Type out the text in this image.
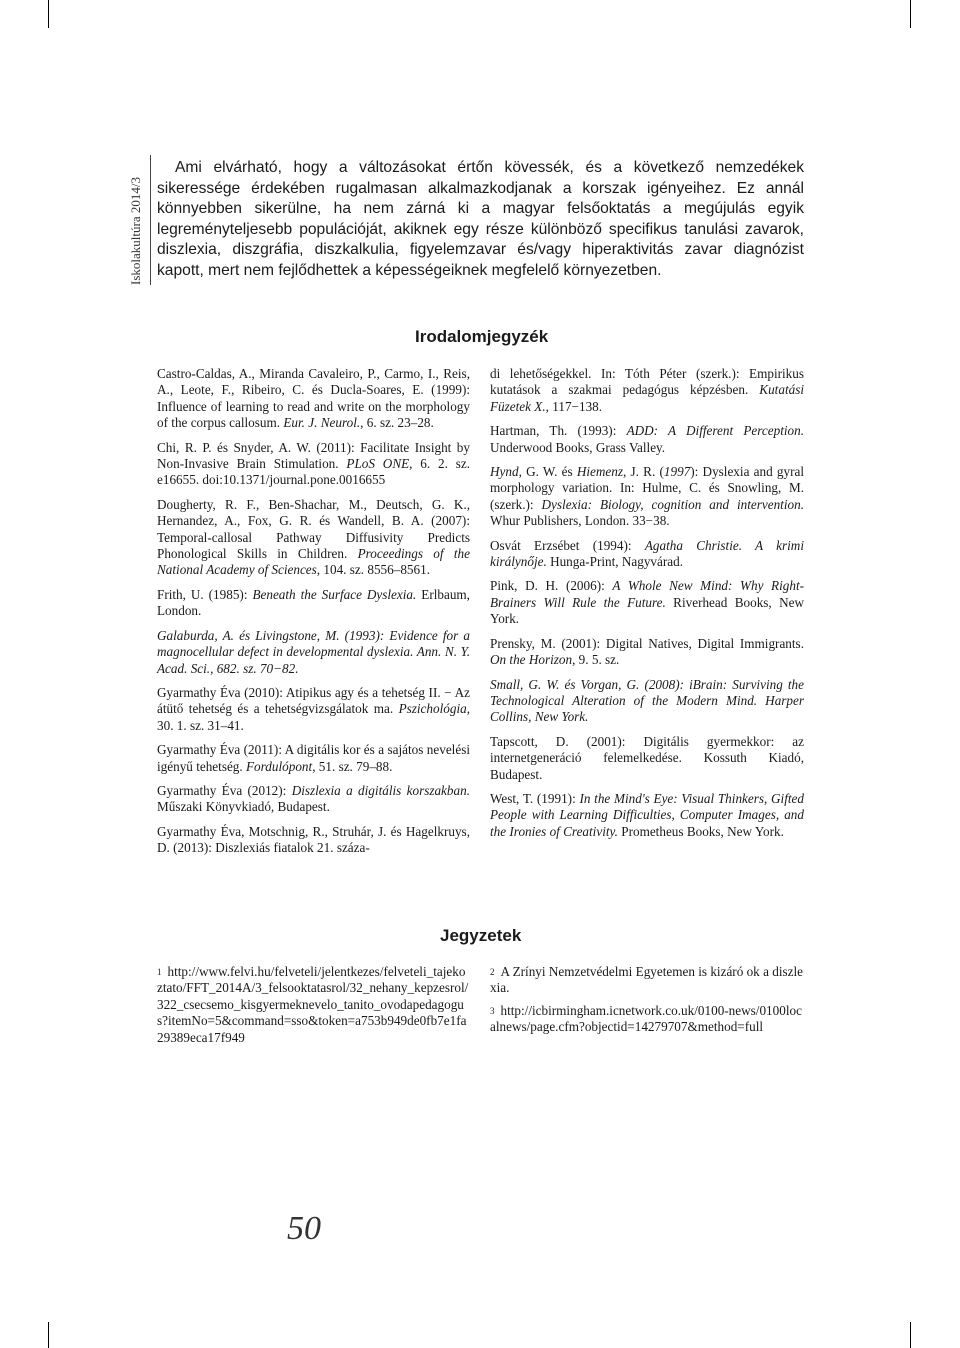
Iskolakultúra 2014/3

Ami elvárható, hogy a változásokat értőn kövessék, és a következő nemzedékek sikeressége érdekében rugalmasan alkalmazkodjanak a korszak igényeihez. Ez annál könnyebben sikerülne, ha nem zárná ki a magyar felsőoktatás a megújulás egyik legreményteljesebb populációját, akiknek egy része különböző specifikus tanulási zavarok, diszlexia, diszgráfia, diszkalkulia, figyelemzavar és/vagy hiperaktivitás zavar diagnózist kapott, mert nem fejlődhettek a képességeiknek megfelelő környezetben.

Irodalomjegyzék

Castro-Caldas, A., Miranda Cavaleiro, P., Carmo, I., Reis, A., Leote, F., Ribeiro, C. és Ducla-Soares, E. (1999): Influence of learning to read and write on the morphology of the corpus callosum. Eur. J. Neurol., 6. sz. 23–28.

Chi, R. P. és Snyder, A. W. (2011): Facilitate Insight by Non-Invasive Brain Stimulation. PLoS ONE, 6. 2. sz. e16655. doi:10.1371/journal.pone.0016655

Dougherty, R. F., Ben-Shachar, M., Deutsch, G. K., Hernandez, A., Fox, G. R. és Wandell, B. A. (2007): Temporal-callosal Pathway Diffusivity Predicts Phonological Skills in Children. Proceedings of the National Academy of Sciences, 104. sz. 8556–8561.

Frith, U. (1985): Beneath the Surface Dyslexia. Erlbaum, London.

Galaburda, A. és Livingstone, M. (1993): Evidence for a magnocellular defect in developmental dyslexia. Ann. N. Y. Acad. Sci., 682. sz. 70−82.

Gyarmathy Éva (2010): Atipikus agy és a tehetség II. − Az átütő tehetség és a tehetségvizsgálatok ma. Pszichológia, 30. 1. sz. 31–41.

Gyarmathy Éva (2011): A digitális kor és a sajátos nevelési igényű tehetség. Fordulópont, 51. sz. 79–88.

Gyarmathy Éva (2012): Diszlexia a digitális korszakban. Műszaki Könyvkiadó, Budapest.

Gyarmathy Éva, Motschnig, R., Struhár, J. és Hagelkruys, D. (2013): Diszlexiás fiatalok 21. száza-

di lehetőségekkel. In: Tóth Péter (szerk.): Empirikus kutatások a szakmai pedagógus képzésben. Kutatási Füzetek X., 117−138.

Hartman, Th. (1993): ADD: A Different Perception. Underwood Books, Grass Valley.

Hynd, G. W. és Hiemenz, J. R. (1997): Dyslexia and gyral morphology variation. In: Hulme, C. és Snowling, M. (szerk.): Dyslexia: Biology, cognition and intervention. Whur Publishers, London. 33−38.

Osvát Erzsébet (1994): Agatha Christie. A krimi királynője. Hunga-Print, Nagyvárad.

Pink, D. H. (2006): A Whole New Mind: Why Right-Brainers Will Rule the Future. Riverhead Books, New York.

Prensky, M. (2001): Digital Natives, Digital Immigrants. On the Horizon, 9. 5. sz.

Small, G. W. és Vorgan, G. (2008): iBrain: Surviving the Technological Alteration of the Modern Mind. Harper Collins, New York.

Tapscott, D. (2001): Digitális gyermekkor: az internetgeneráció felemelkedése. Kossuth Kiadó, Budapest.

West, T. (1991): In the Mind's Eye: Visual Thinkers, Gifted People with Learning Difficulties, Computer Images, and the Ironies of Creativity. Prometheus Books, New York.

Jegyzetek

$^1$ http://www.felvi.hu/felveteli/jelentkezes/felveteli_tajekoztato/FFT_2014A/3_felsooktatasrol/32_nehany_kepzesrol/322_csecsemo_kisgyermeknevelo_tanito_ovodapedagogus?itemNo=5&command=sso&token=a753b949de0fb7e1fa29389eca17f949

$^2$ A Zrínyi Nemzetvédelmi Egyetemen is kizáró ok a diszlexia.

$^3$ http://icbirmingham.icnetwork.co.uk/0100-news/0100localnews/page.cfm?objectid=14279707&method=full

50
